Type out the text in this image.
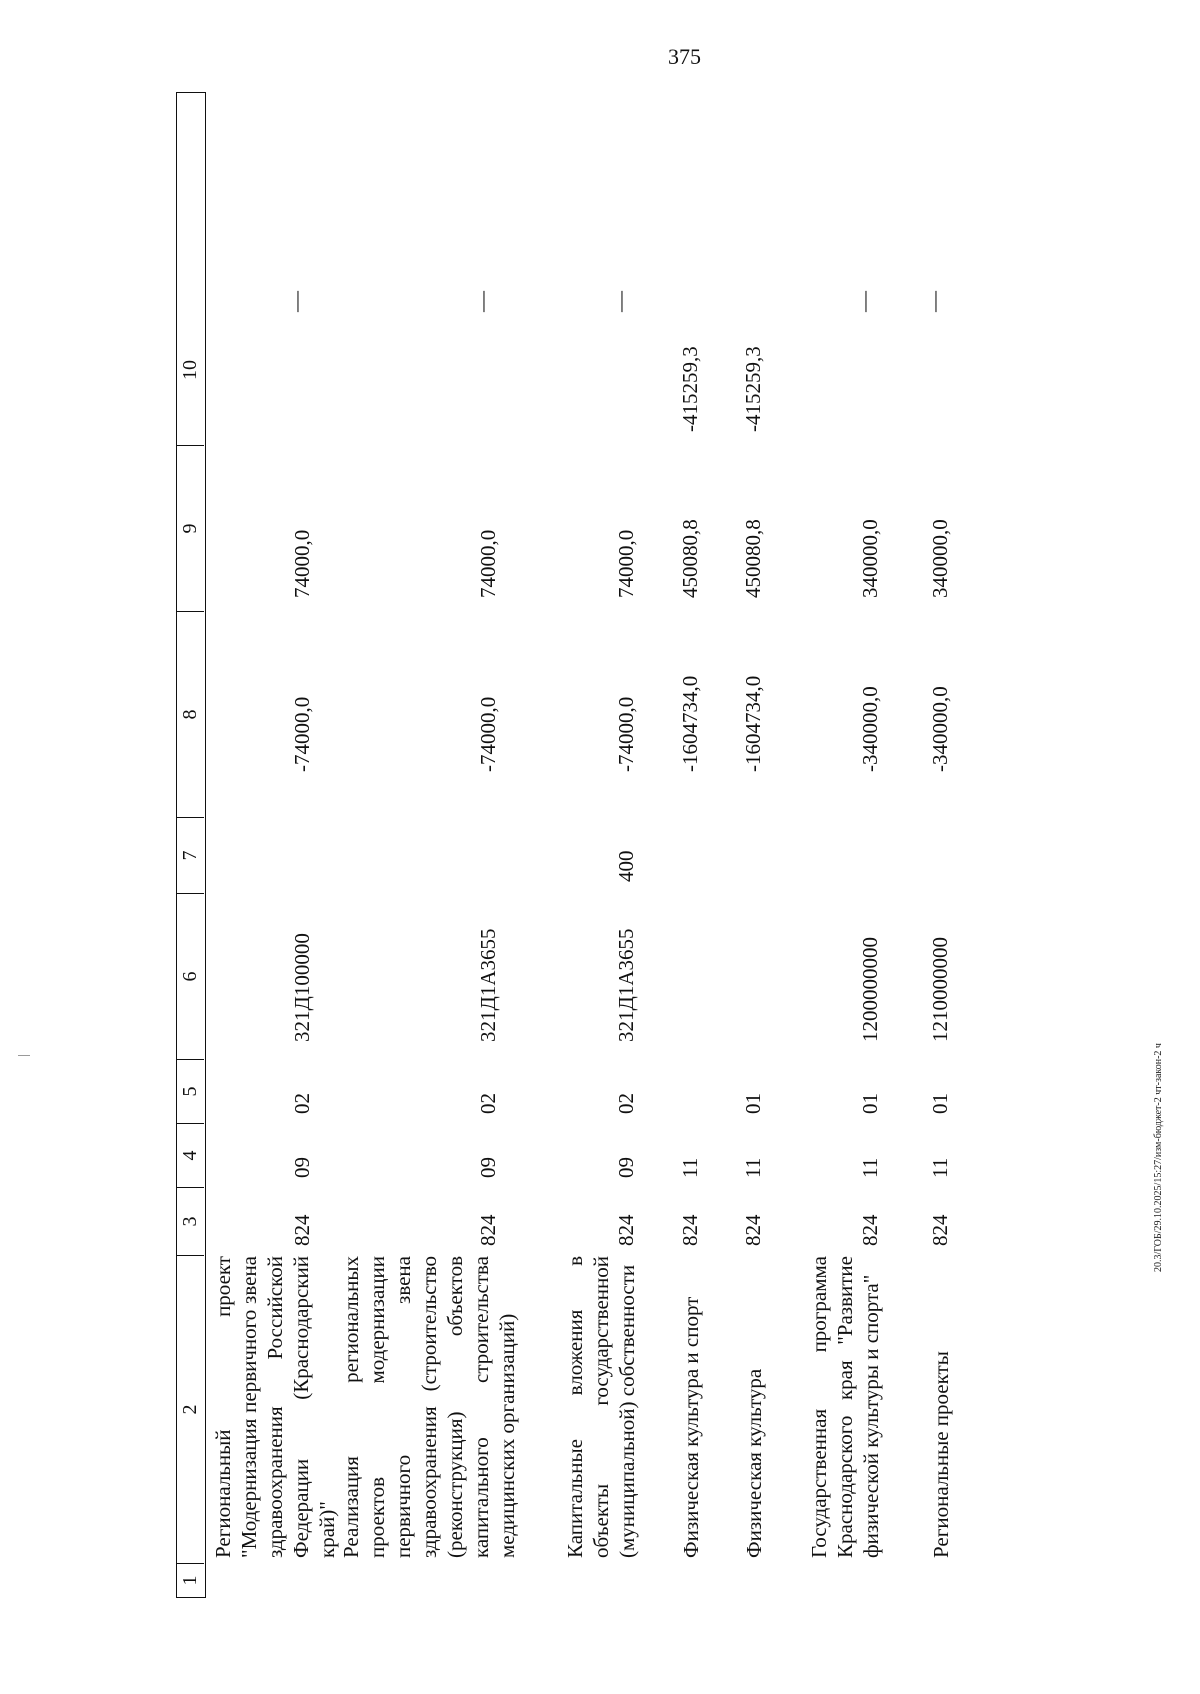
375
20.3/ГОБ/29.10.2025/15:27/изм-бюджет-2 чт-закон-2 ч
1
2
3
4
5
6
7
8
9
10
Региональный проект "Модернизация первичного звена здравоохранения Российской Федерации (Краснодарский край)"
824
09
02
321Д100000
-74000,0
74000,0
—
Реализация региональных проектов модернизации первичного звена здравоохранения (строительство (реконструкция) объектов капитального строительства медицинских организаций)
824
09
02
321Д1А3655
-74000,0
74000,0
—
Капитальные вложения в объекты государственной (муниципальной) собственности
824
09
02
321Д1А3655
400
-74000,0
74000,0
—
Физическая культура и спорт
824
11
-1604734,0
450080,8
-415259,3
Физическая культура
824
11
01
-1604734,0
450080,8
-415259,3
Государственная программа Краснодарского края "Развитие физической культуры и спорта"
824
11
01
1200000000
-340000,0
340000,0
—
Региональные проекты
824
11
01
1210000000
-340000,0
340000,0
—
